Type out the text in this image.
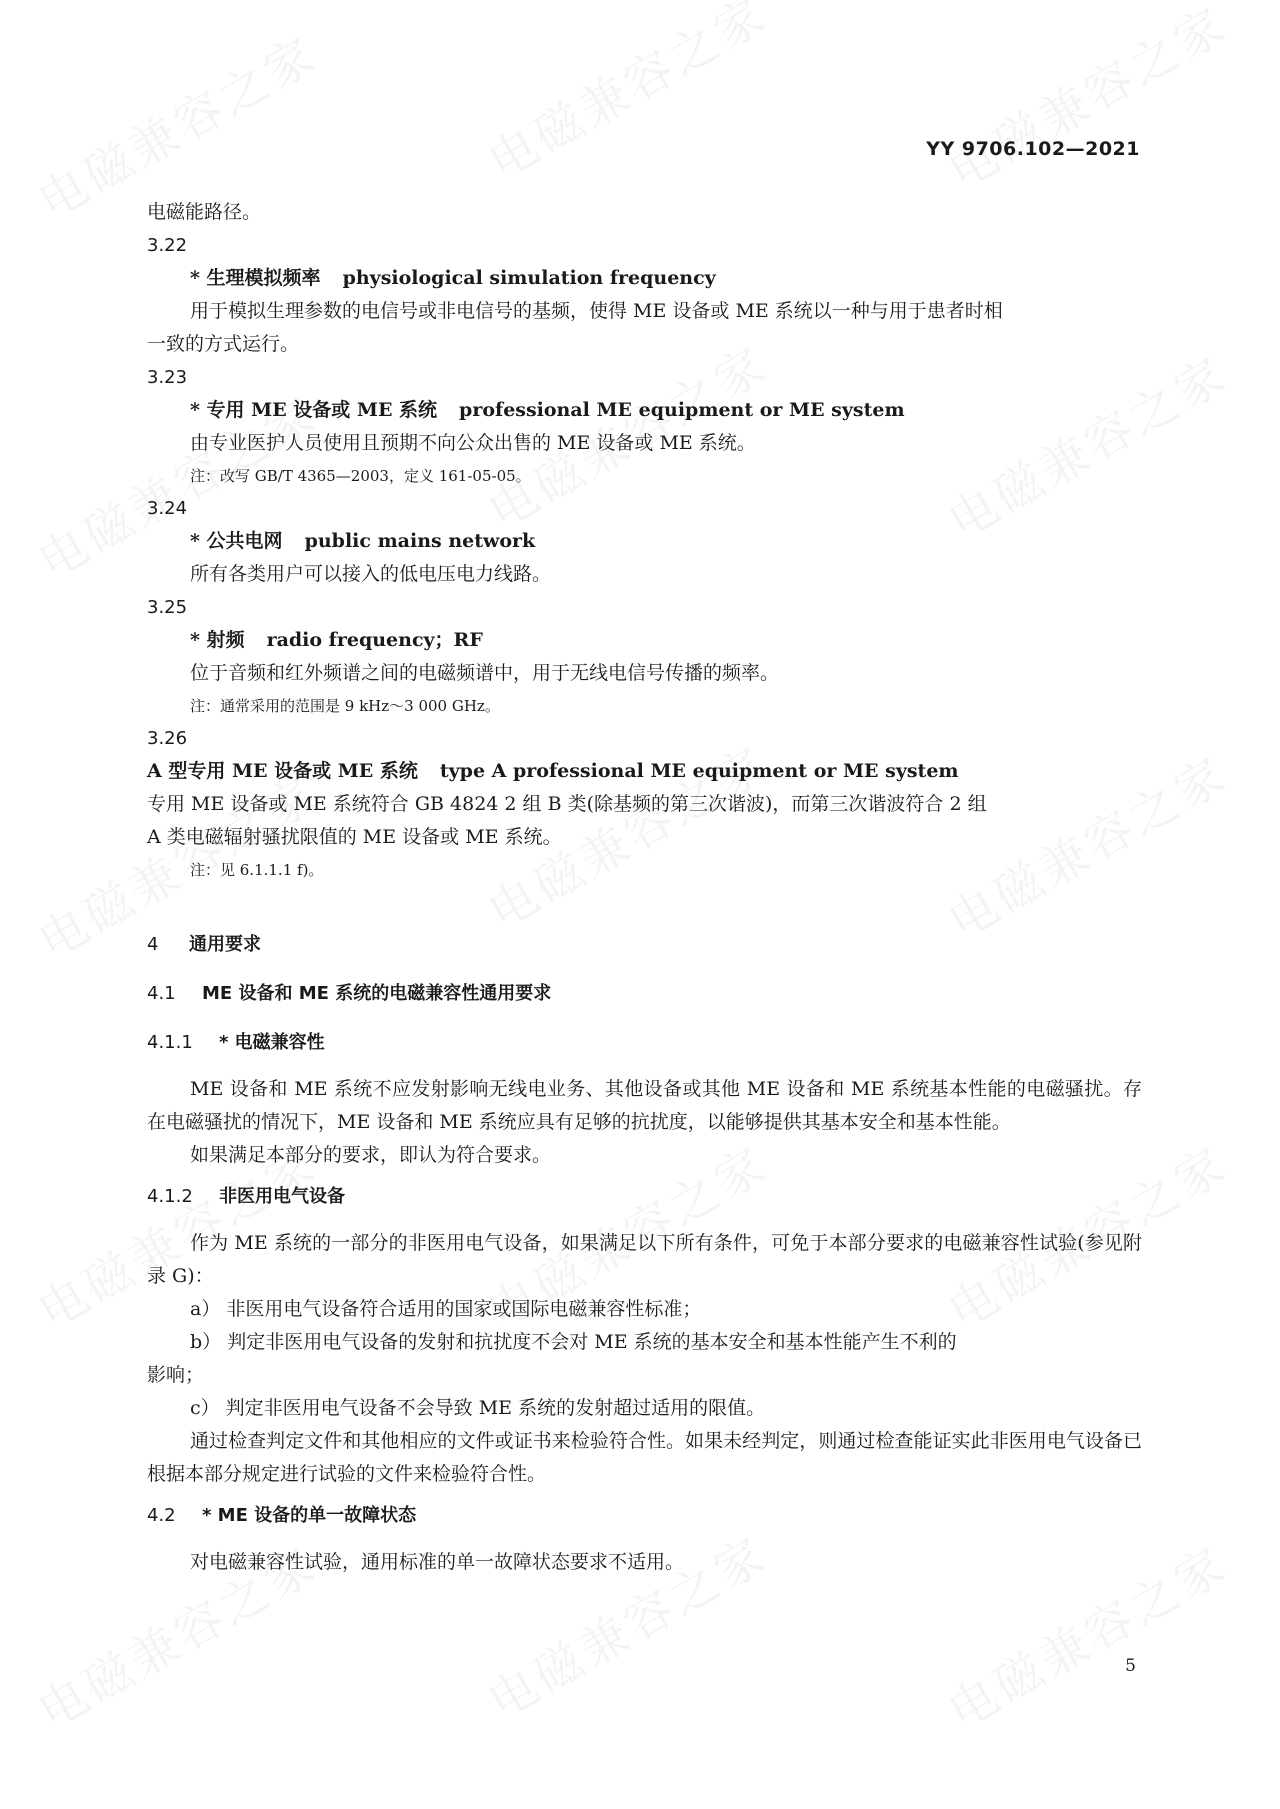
YY 9706.102—2021
电磁能路径。
3.22
* 生理模拟频率 physiological simulation frequency
用于模拟生理参数的电信号或非电信号的基频，使得 ME 设备或 ME 系统以一种与用于患者时相
一致的方式运行。
3.23
* 专用 ME 设备或 ME 系统 professional ME equipment or ME system
由专业医护人员使用且预期不向公众出售的 ME 设备或 ME 系统。
注：改写 GB/T 4365—2003，定义 161-05-05。
3.24
* 公共电网 public mains network
所有各类用户可以接入的低电压电力线路。
3.25
* 射频 radio frequency；RF
位于音频和红外频谱之间的电磁频谱中，用于无线电信号传播的频率。
注：通常采用的范围是 9 kHz～3 000 GHz。
3.26
A 型专用 ME 设备或 ME 系统 type A professional ME equipment or ME system
专用 ME 设备或 ME 系统符合 GB 4824 2 组 B 类(除基频的第三次谐波)，而第三次谐波符合 2 组
A 类电磁辐射骚扰限值的 ME 设备或 ME 系统。
注：见 6.1.1.1 f)。
4 通用要求
4.1 ME 设备和 ME 系统的电磁兼容性通用要求
4.1.1 * 电磁兼容性
ME 设备和 ME 系统不应发射影响无线电业务、其他设备或其他 ME 设备和 ME 系统基本性能的电磁骚扰。存在电磁骚扰的情况下，ME 设备和 ME 系统应具有足够的抗扰度，以能够提供其基本安全和基本性能。
如果满足本部分的要求，即认为符合要求。
4.1.2 非医用电气设备
作为 ME 系统的一部分的非医用电气设备，如果满足以下所有条件，可免于本部分要求的电磁兼容性试验(参见附录 G)：
a） 非医用电气设备符合适用的国家或国际电磁兼容性标准；
b） 判定非医用电气设备的发射和抗扰度不会对 ME 系统的基本安全和基本性能产生不利的
影响；
c） 判定非医用电气设备不会导致 ME 系统的发射超过适用的限值。
通过检查判定文件和其他相应的文件或证书来检验符合性。如果未经判定，则通过检查能证实此非医用电气设备已根据本部分规定进行试验的文件来检验符合性。
4.2 * ME 设备的单一故障状态
对电磁兼容性试验，通用标准的单一故障状态要求不适用。
5
